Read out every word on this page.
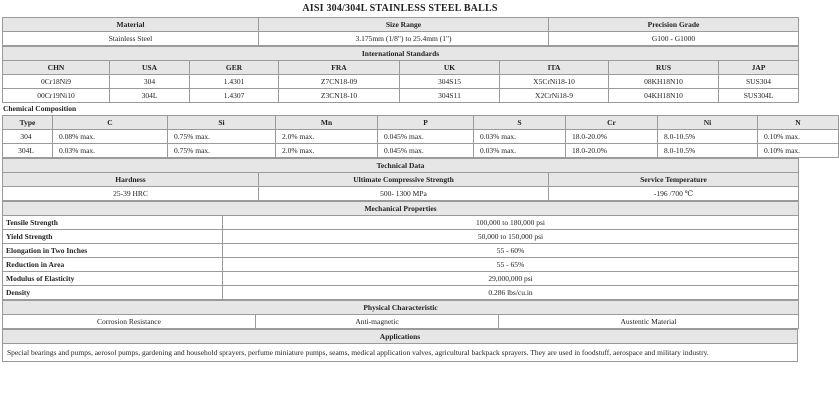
AISI 304/304L STAINLESS STEEL BALLS
Material	Size Range	Precision Grade
Stainless Steel	3.175mm (1/8") to 25.4mm (1")	G100 - G1000
International Standards							
CHN	USA	GER	FRA	UK	ITA	RUS	JAP
0Cr18Ni9	304	1.4301	Z7CN18-09	304S15	X5CrNi18-10	08KH18N10	SUS304
00Cr19Ni10	304L	1.4307	Z3CN18-10	304S11	X2CrNi18-9	04KH18N10	SUS304L
Chemical Composition
Type	C	Si	Mn	P	S	Cr	Ni	N
304	0.08% max.	0.75% max.	2.0% max.	0.045% max.	0.03% max.	18.0-20.0%	8.0-10.5%	0.10% max.
304L	0.03% max.	0.75% max.	2.0% max.	0.045% max.	0.03% max.	18.0-20.0%	8.0-10.5%	0.10% max.
Technical Data		
Hardness	Ultimate Compressive Strength	Service Temperature
25-39 HRC	500- 1300 MPa	-196 /700 ℃
Mechanical Properties	
Tensile Strength	100,000 to 180,000 psi
Yield Strength	50,000 to 150,000 psi
Elongation in Two Inches	55 - 60%
Reduction in Area	55 - 65%
Modulus of Elasticity	29,000,000 psi
Density	0.286 lbs/cu.in
Physical Characteristic
Corrosion Resistance	Anti-magnetic	Austentic Material
Applications
Special bearings and pumps, aerosol pumps, gardening and household sprayers, perfume miniature pumps, seams, medical application valves, agricultural backpack sprayers. They are used in foodstuff, aerospace and military industry.
